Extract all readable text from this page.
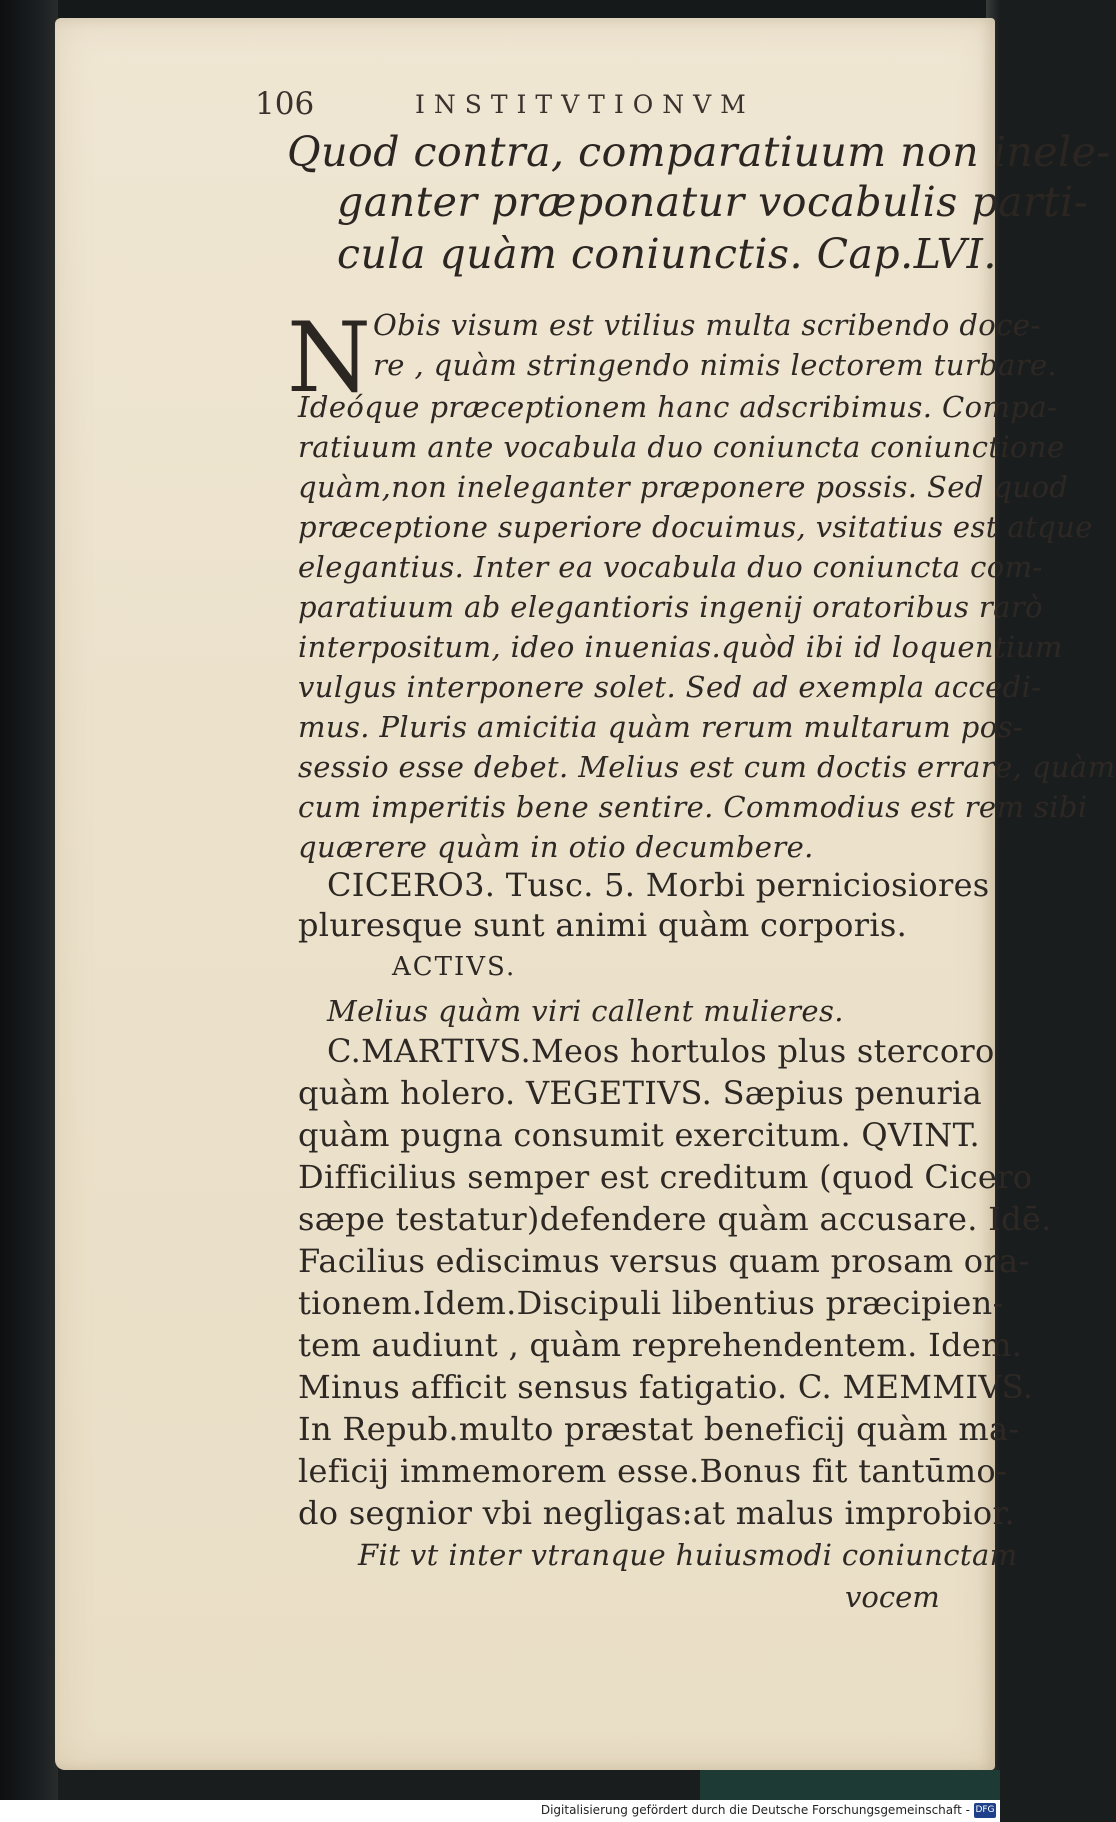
106	INSTITVTIONVM
Quod contra, comparatiuum non inele-
ganter præponatur vocabulis parti-
cula quàm coniunctis. Cap.LVI.
N Obis visum est vtilius multa scribendo doce-
re , quàm stringendo nimis lectorem turbare.
Ideóque præceptionem hanc adscribimus. Compa-
ratiuum ante vocabula duo coniuncta coniunctione
quàm,non ineleganter præponere possis. Sed quod
præceptione superiore docuimus, vsitatius est atque
elegantius. Inter ea vocabula duo coniuncta com-
paratiuum ab elegantioris ingenij oratoribus rarò
interpositum, ideo inuenias.quòd ibi id loquentium
vulgus interponere solet. Sed ad exempla accedi-
mus. Pluris amicitia quàm rerum multarum pos-
sessio esse debet. Melius est cum doctis errare, quàm
cum imperitis bene sentire. Commodius est rem sibi
quærere quàm in otio decumbere.
CICERO3. Tusc. 5. Morbi perniciosiores
pluresque sunt animi quàm corporis.
ACTIVS.
Melius quàm viri callent mulieres.
C.MARTIVS.Meos hortulos plus stercoro
quàm holero. VEGETIVS. Sæpius penuria
quàm pugna consumit exercitum. QVINT.
Difficilius semper est creditum (quod Cicero
sæpe testatur)defendere quàm accusare. Idē.
Facilius ediscimus versus quam prosam ora-
tionem.Idem.Discipuli libentius præcipien-
tem audiunt , quàm reprehendentem. Idem.
Minus afficit sensus fatigatio. C. MEMMIVS.
In Repub.multo præstat beneficij quàm ma-
leficij immemorem esse.Bonus fit tantūmo-
do segnior vbi negligas:at malus improbior.
Fit vt inter vtranque huiusmodi coniunctam
vocem
Digitalisierung gefördert durch die Deutsche Forschungsgemeinschaft - DFG
